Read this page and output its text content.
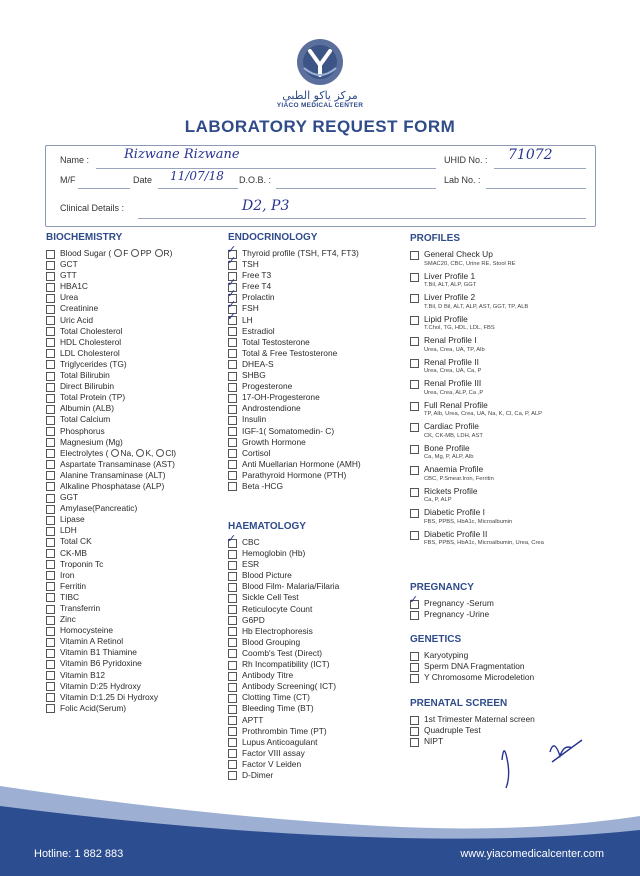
مركز ياكو الطبي
YIACO MEDICAL CENTER
LABORATORY REQUEST FORM
Name :	Rizwane Rizwane	UHID No. : 71072
M/F	Date 11/07/18 D.O.B. :	Lab No. :
Clinical Details :	D2, P3
BIOCHEMISTRY
Blood Sugar ( F PP R)
GCT
GTT
HBA1C
Urea
Creatinine
Uric Acid
Total Cholesterol
HDL Cholesterol
LDL Cholesterol
Triglycerides (TG)
Total Bilirubin
Direct Bilirubin
Total Protein (TP)
Albumin (ALB)
Total Calcium
Phosphorus
Magnesium (Mg)
Electrolytes ( Na, K, Cl)
Aspartate Transaminase (AST)
Alanine Transaminase (ALT)
Alkaline Phosphatase (ALP)
GGT
Amylase(Pancreatic)
Lipase
LDH
Total CK
CK-MB
Troponin Tc
Iron
Ferritin
TIBC
Transferrin
Zinc
Homocysteine
Vitamin A Retinol
Vitamin B1 Thiamine
Vitamin B6 Pyridoxine
Vitamin B12
Vitamin D:25 Hydroxy
Vitamin D:1.25 Di Hydroxy
Folic Acid(Serum)
ENDOCRINOLOGY
✓ Thyroid profile (TSH, FT4, FT3)
✓ TSH
Free T3
✓ Free T4
✓ Prolactin
✓ FSH
✓ LH
Estradiol
Total Testosterone
Total & Free Testosterone
DHEA-S
SHBG
Progesterone
17-OH-Progesterone
Androstendione
Insulin
IGF-1( Somatomedin- C)
Growth Hormone
Cortisol
Anti Muellarian Hormone (AMH)
Parathyroid Hormone (PTH)
Beta -HCG
HAEMATOLOGY
✓ CBC
Hemoglobin (Hb)
ESR
Blood Picture
Blood Film- Malaria/Filaria
Sickle Cell Test
Reticulocyte Count
G6PD
Hb Electrophoresis
Blood Grouping
Coomb's Test (Direct)
Rh Incompatibility (ICT)
Antibody Titre
Antibody Screening( ICT)
Clotting Time (CT)
Bleeding Time (BT)
APTT
Prothrombin Time (PT)
Lupus Anticoagulant
Factor VIII assay
Factor V Leiden
D-Dimer
PROFILES
General Check Up
SMAC20, CBC, Urine RE, Stool RE
Liver Profile 1
T.Bil, ALT, ALP, GGT
Liver Profile 2
T.Bil, D Bil, ALT, ALP, AST, GGT, TP, ALB
Lipid Profile
T.Chol, TG, HDL, LDL, FBS
Renal Profile I
Urea, Crea, UA, TP, Alb
Renal Profile II
Urea, Crea, UA, Ca, P
Renal Profile III
Urea, Crea, ALP, Ca ,P
Full Renal Profile
TP, Alb, Urea, Crea, UA, Na, K, Cl, Ca, P, ALP
Cardiac Profile
CK, CK-MB, LDH, AST
Bone Profile
Ca, Mg, P, ALP, Alb
Anaemia Profile
CBC, P.Smear.Iron, Ferritin
Rickets Profile
Ca, P, ALP
Diabetic Profile I
FBS, PPBS, HbA1c, Microalbumin
Diabetic Profile II
FBS, PPBS, HbA1c, Microalbumin, Urea, Crea
PREGNANCY
✓ Pregnancy -Serum
Pregnancy -Urine
GENETICS
Karyotyping
Sperm DNA Fragmentation
Y Chromosome Microdeletion
PRENATAL SCREEN
1st Trimester Maternal screen
Quadruple Test
NIPT
Hotline: 1 882 883	www.yiacomedicalcenter.com
